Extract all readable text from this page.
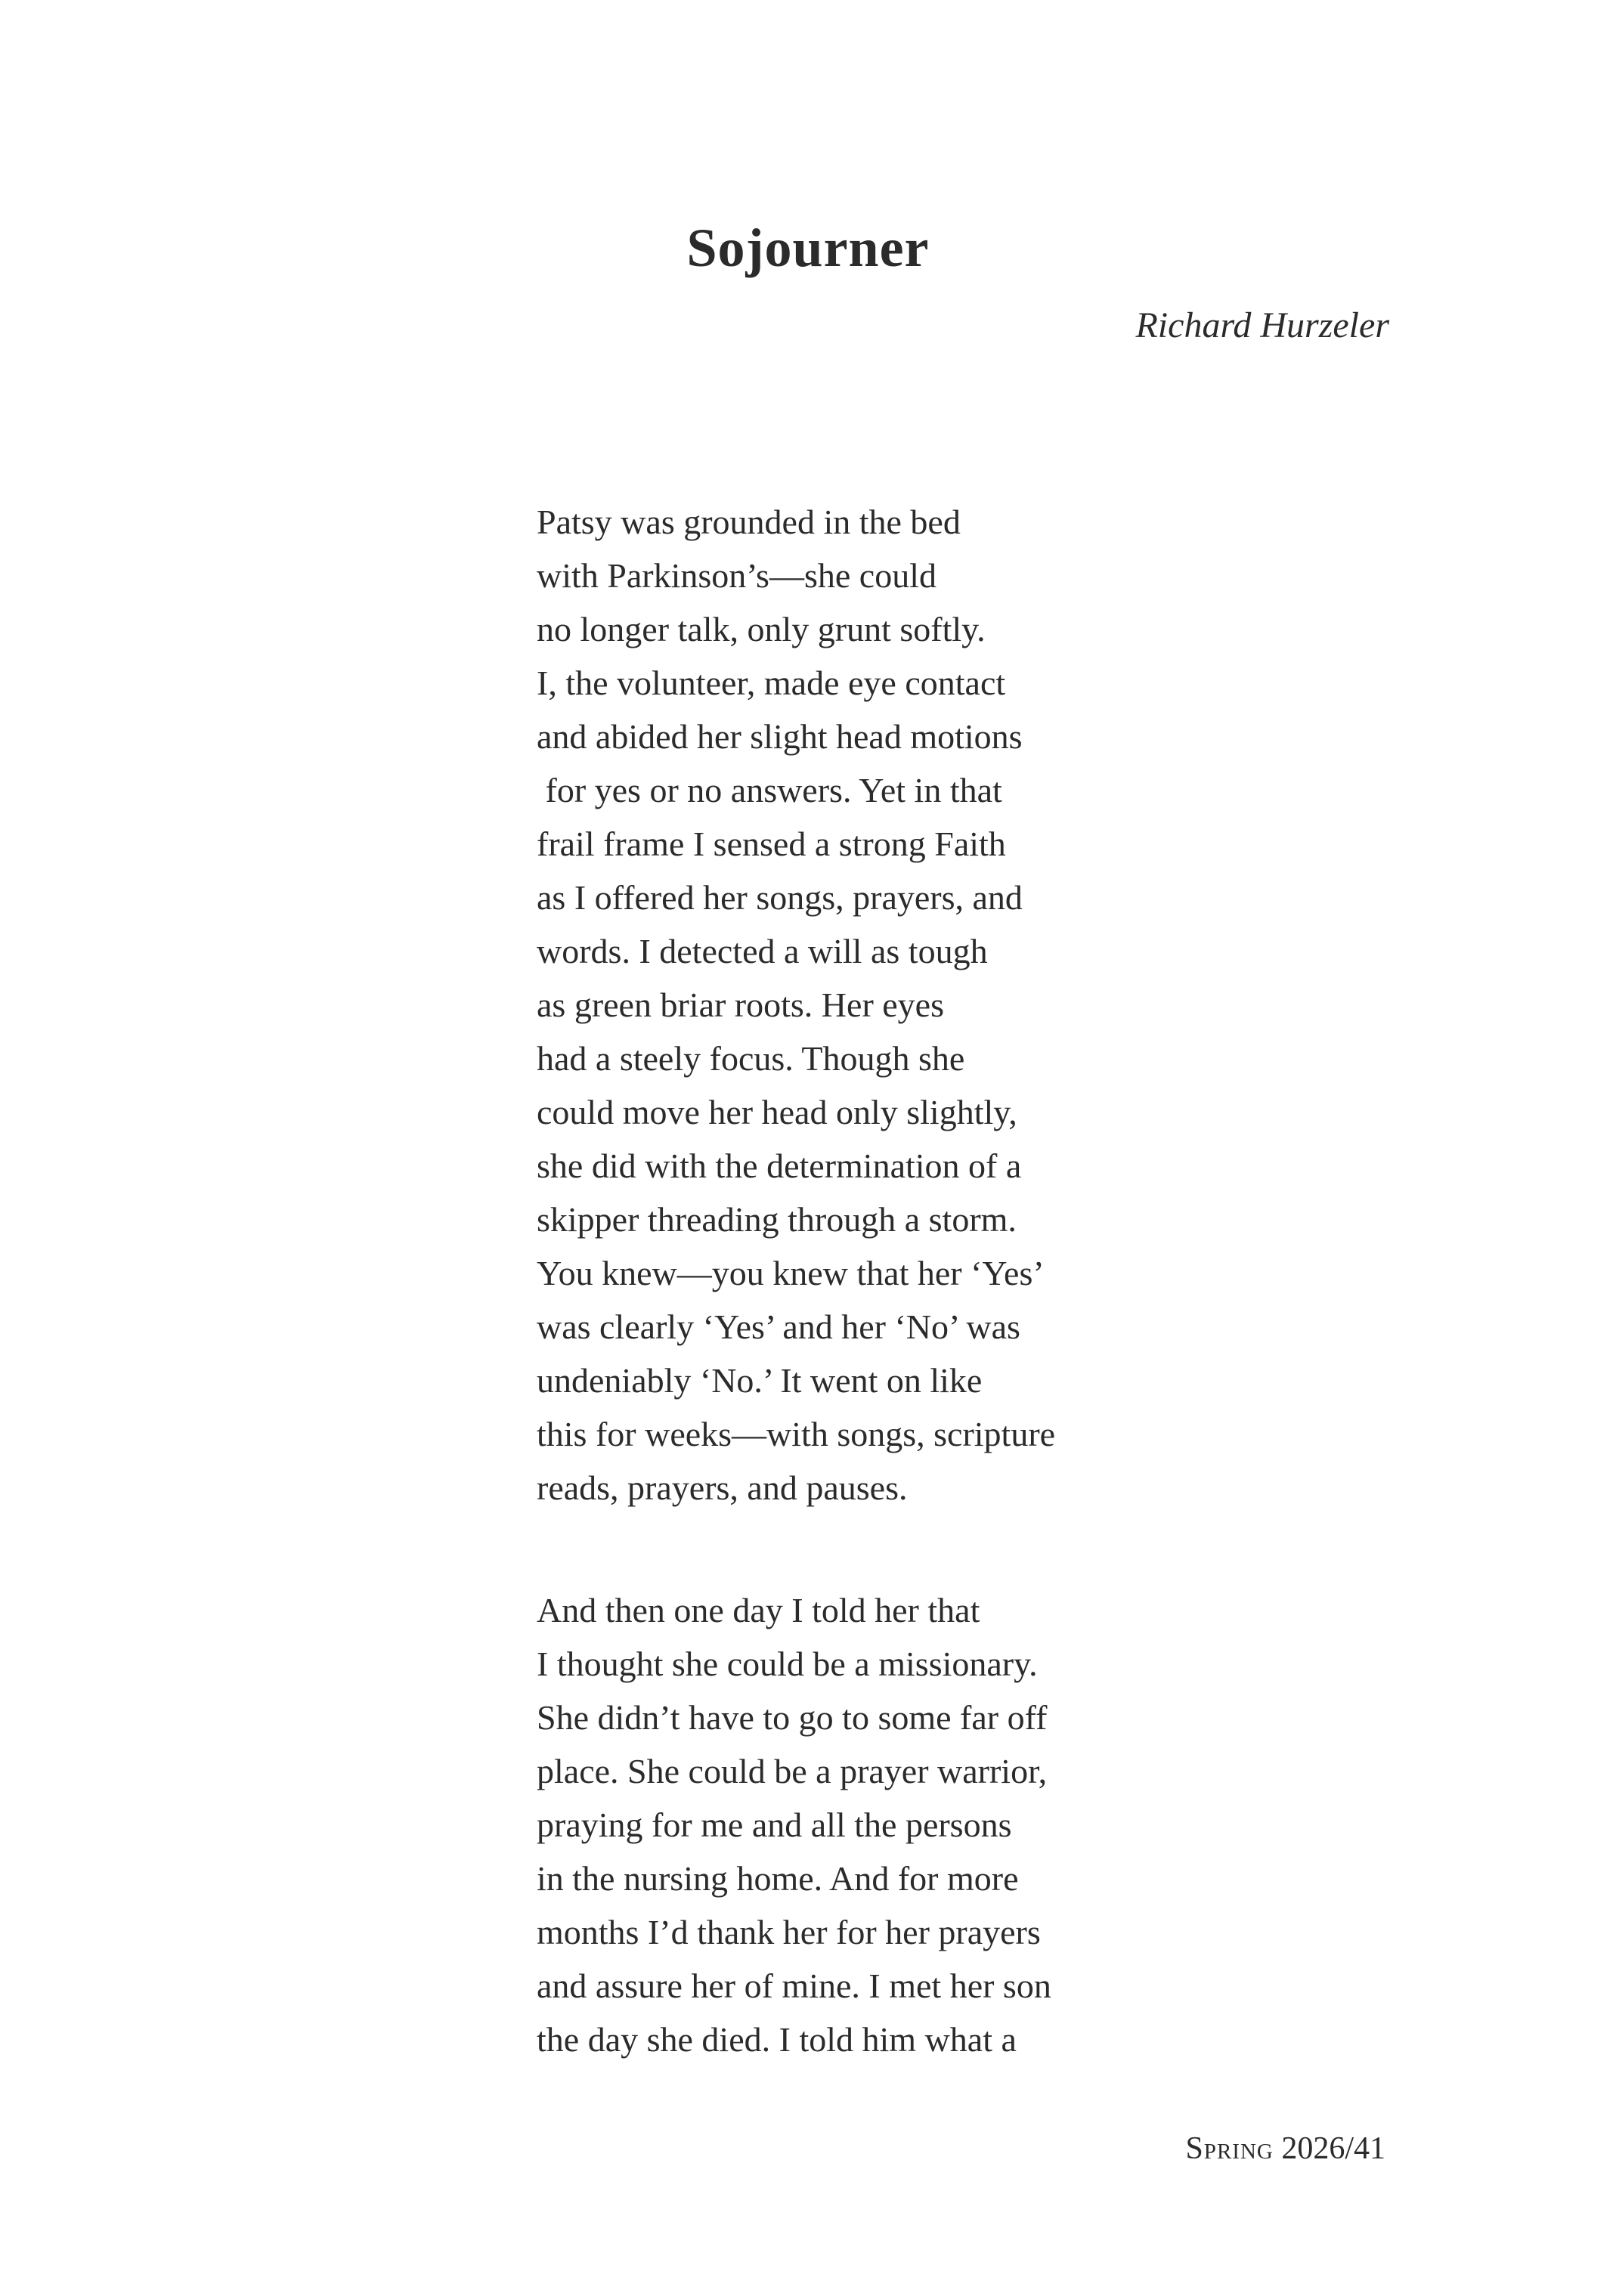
Sojourner

Richard Hurzeler

Patsy was grounded in the bed
with Parkinson’s—she could
no longer talk, only grunt softly.
I, the volunteer, made eye contact
and abided her slight head motions
for yes or no answers. Yet in that
frail frame I sensed a strong Faith
as I offered her songs, prayers, and
words. I detected a will as tough
as green briar roots. Her eyes
had a steely focus. Though she
could move her head only slightly,
she did with the determination of a
skipper threading through a storm.
You knew—you knew that her ‘Yes’
was clearly ‘Yes’ and her ‘No’ was
undeniably ‘No.’ It went on like
this for weeks—with songs, scripture
reads, prayers, and pauses.
And then one day I told her that
I thought she could be a missionary.
She didn’t have to go to some far off
place. She could be a prayer warrior,
praying for me and all the persons
in the nursing home. And for more
months I’d thank her for her prayers
and assure her of mine. I met her son
the day she died. I told him what a
Spring 2026/41
